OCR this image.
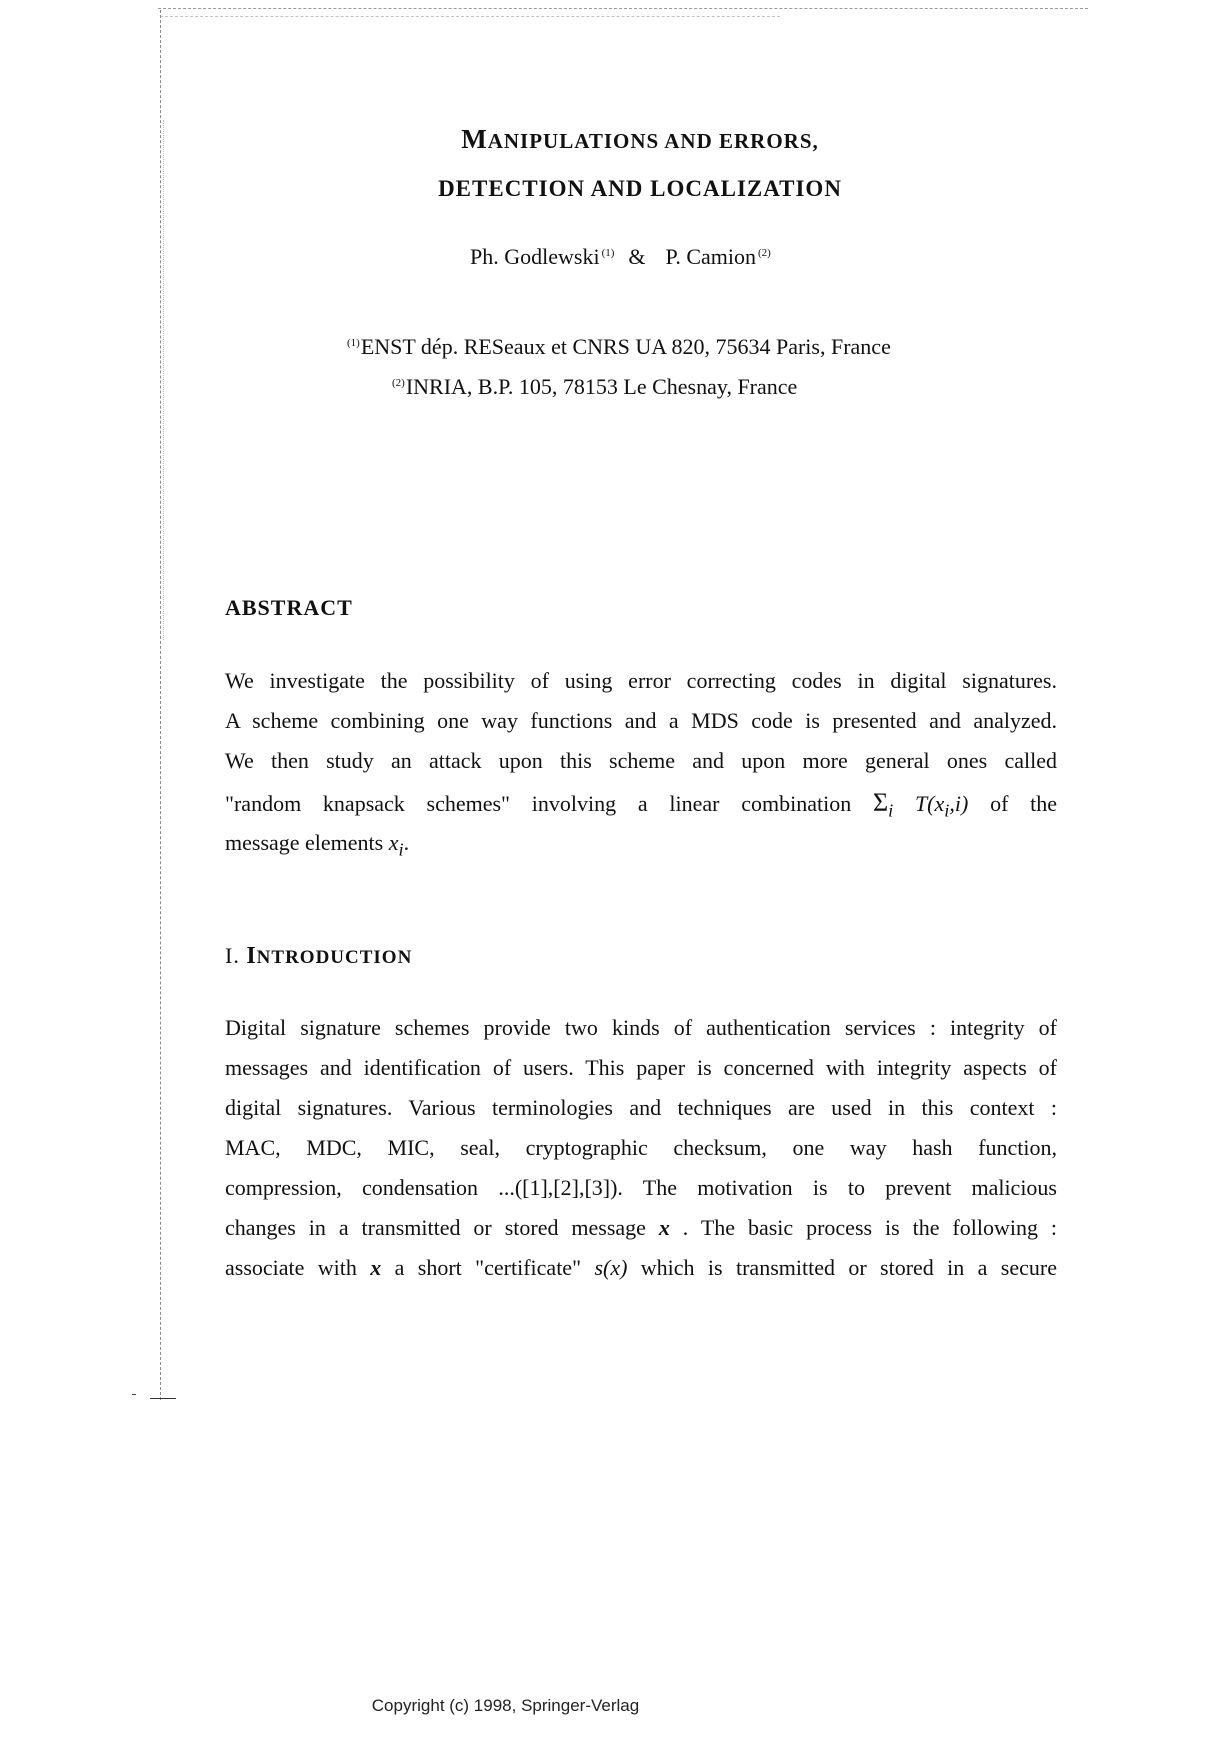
MANIPULATIONS AND ERRORS,
DETECTION AND LOCALIZATION
Ph. Godlewski $^{(1)}$ & P. Camion $^{(2)}$
$^{(1)}$ENST dép. RESeaux et CNRS UA 820, 75634 Paris, France
$^{(2)}$INRIA, B.P. 105, 78153 Le Chesnay, France
ABSTRACT
We investigate the possibility of using error correcting codes in digital signatures.
A scheme combining one way functions and a MDS code is presented and analyzed.
We then study an attack upon this scheme and upon more general ones called
"random knapsack schemes" involving a linear combination $\Sigma_i$ $T(x_i,i)$ of the
message elements $x_i$.
I. INTRODUCTION
Digital signature schemes provide two kinds of authentication services : integrity of
messages and identification of users. This paper is concerned with integrity aspects of
digital signatures. Various terminologies and techniques are used in this context :
MAC, MDC, MIC, seal, cryptographic checksum, one way hash function,
compression, condensation ...([1],[2],[3]). The motivation is to prevent malicious
changes in a transmitted or stored message x . The basic process is the following :
associate with x a short "certificate" s(x) which is transmitted or stored in a secure
Copyright (c) 1998, Springer-Verlag
